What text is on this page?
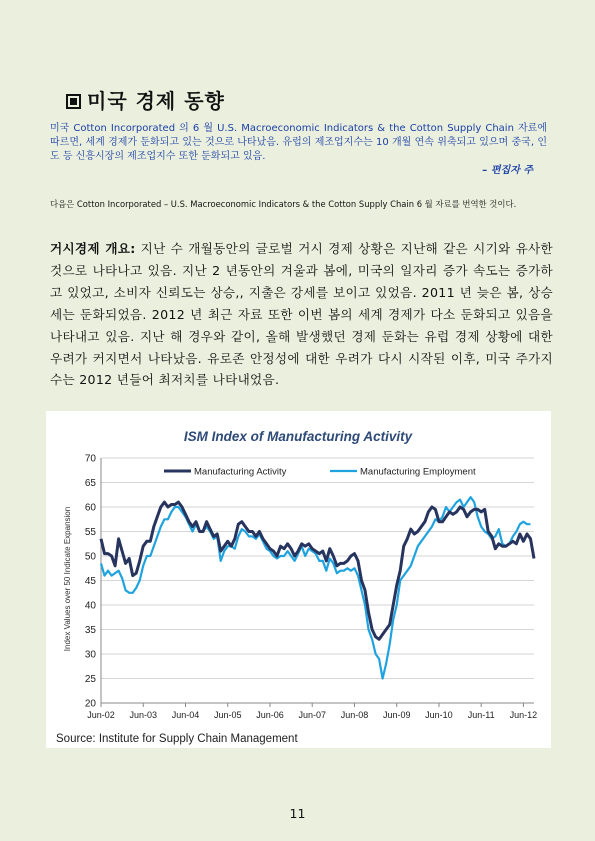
미국 경제 동향

미국 Cotton Incorporated 의 6 월 U.S. Macroeconomic Indicators & the Cotton Supply Chain 자료에 따르면, 세계 경제가 둔화되고 있는 것으로 나타났음. 유럽의 제조업지수는 10 개월 연속 위축되고 있으며 중국, 인도 등 신흥시장의 제조업지수 또한 둔화되고 있음.

– 편집자 주

다음은 Cotton Incorporated – U.S. Macroeconomic Indicators & the Cotton Supply Chain 6 월 자료를 번역한 것이다.

거시경제 개요: 지난 수 개월동안의 글로벌 거시 경제 상황은 지난해 같은 시기와 유사한 것으로 나타나고 있음. 지난 2 년동안의 겨울과 봄에, 미국의 일자리 증가 속도는 증가하고 있었고, 소비자 신뢰도는 상승,, 지출은 강세를 보이고 있었음. 2011 년 늦은 봄, 상승세는 둔화되었음. 2012 년 최근 자료 또한 이번 봄의 세계 경제가 다소 둔화되고 있음을 나타내고 있음. 지난 해 경우와 같이, 올해 발생했던 경제 둔화는 유럽 경제 상황에 대한 우려가 커지면서 나타났음. 유로존 안정성에 대한 우려가 다시 시작된 이후, 미국 주가지수는 2012 년들어 최저치를 나타내었음.

ISM Index of Manufacturing Activity
20
25
30
35
40
45
50
55
60
65
70
Jun-02 Jun-03 Jun-04 Jun-05 Jun-06 Jun-07 Jun-08 Jun-09 Jun-10 Jun-11 Jun-12
Manufacturing Activity	Manufacturing Employment
Index Values over 50 Indicate Expansion
Source: Institute for Supply Chain Management
11
